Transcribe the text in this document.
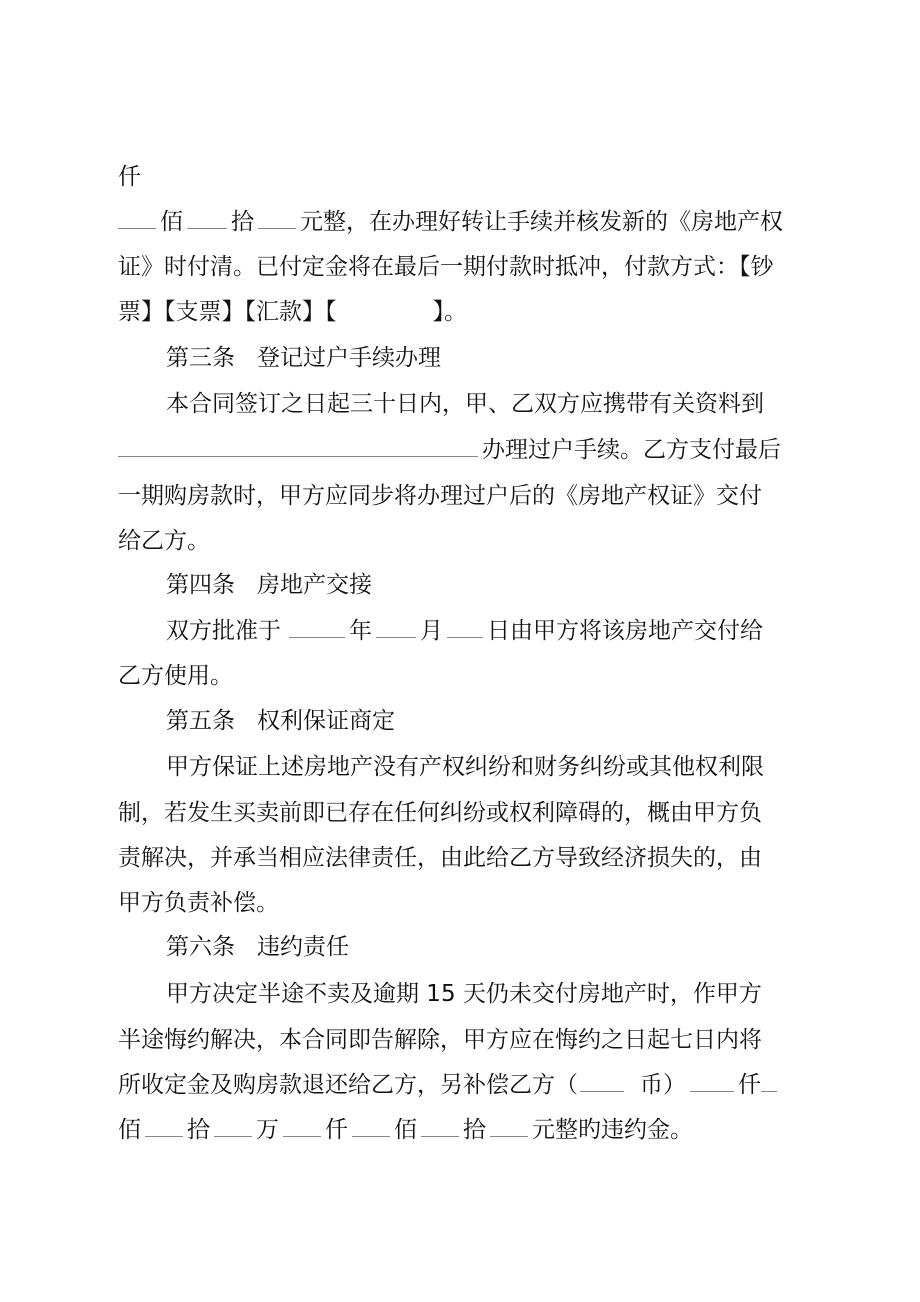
仟
佰 拾 元整，在办理好转让手续并核发新的《房地产权
证》时付清。已付定金将在最后一期付款时抵冲，付款方式：【钞
票】【支票】【汇款】【	】。
第三条 登记过户手续办理
本合同签订之日起三十日内，甲、乙双方应携带有关资料到
办理过户手续。乙方支付最后
一期购房款时，甲方应同步将办理过户后的《房地产权证》交付
给乙方。
第四条 房地产交接
双方批准于	年 月 日由甲方将该房地产交付给
乙方使用。
第五条 权利保证商定
甲方保证上述房地产没有产权纠纷和财务纠纷或其他权利限
制，若发生买卖前即已存在任何纠纷或权利障碍的，概由甲方负
责解决，并承当相应法律责任，由此给乙方导致经济损失的，由
甲方负责补偿。
第六条 违约责任
甲方决定半途不卖及逾期 15 天仍未交付房地产时，作甲方
半途悔约解决，本合同即告解除，甲方应在悔约之日起七日内将
所收定金及购房款退还给乙方，另补偿乙方（	币） 仟
佰 拾 万 仟 佰 拾 元整旳违约金。
